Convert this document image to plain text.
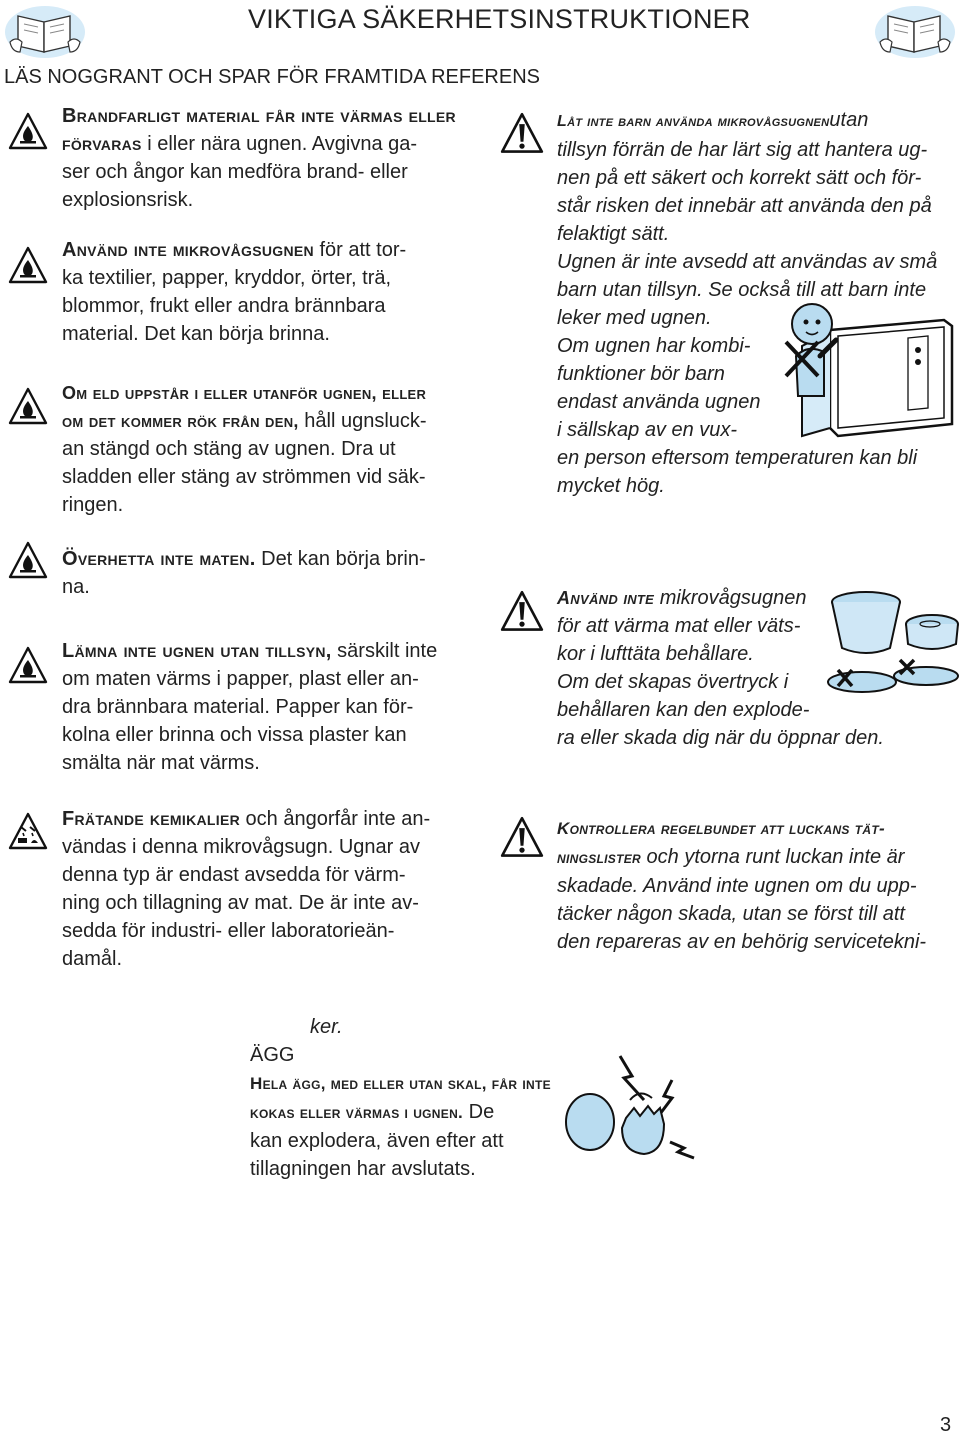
VIKTIGA SÄKERHETSINSTRUKTIONER
LÄS NOGGRANT OCH SPAR FÖR FRAMTIDA REFERENS

Brandfarligt material får inte värmas eller

förvaras i eller nära ugnen. Avgivna ga-

ser och ångor kan medföra brand- eller

explosionsrisk.

Använd inte mikrovågsugnen för att tor-

ka textilier, papper, kryddor, örter, trä,

blommor, frukt eller andra brännbara

material. Det kan börja brinna.

Om eld uppstår i eller utanför ugnen, eller

om det kommer rök från den, håll ugnsluck-

an stängd och stäng av ugnen. Dra ut

sladden eller stäng av strömmen vid säk-

ringen.

Överhetta inte maten. Det kan börja brin-

na.

Lämna inte ugnen utan tillsyn, särskilt inte

om maten värms i papper, plast eller an-

dra brännbara material. Papper kan för-

kolna eller brinna och vissa plaster kan

smälta när mat värms.

Frätande kemikalier och ångorfår inte an-

vändas i denna mikrovågsugn. Ugnar av

denna typ är endast avsedda för värm-

ning och tillagning av mat. De är inte av-

sedda för industri- eller laboratorieän-

damål.

Låt inte barn använda mikrovågsugnenutan

tillsyn förrän de har lärt sig att hantera ug-

nen på ett säkert och korrekt sätt och för-

står risken det innebär att använda den på

felaktigt sätt.

Ugnen är inte avsedd att användas av små

barn utan tillsyn. Se också till att barn inte

leker med ugnen.

Om ugnen har kombi-

funktioner bör barn

endast använda ugnen

i sällskap av en vux-

en person eftersom temperaturen kan bli

mycket hög.

Använd inte mikrovågsugnen

för att värma mat eller väts-

kor i lufttäta behållare.

Om det skapas övertryck i

behållaren kan den explode-

ra eller skada dig när du öppnar den.

Kontrollera regelbundet att luckans tät-

ningslister och ytorna runt luckan inte är

skadade. Använd inte ugnen om du upp-

täcker någon skada, utan se först till att

den repareras av en behörig servicetekni-

ker.
ÄGG

Hela ägg, med eller utan skal, får inte

kokas eller värmas i ugnen. De

kan explodera, även efter att

tillagningen har avslutats.

3
